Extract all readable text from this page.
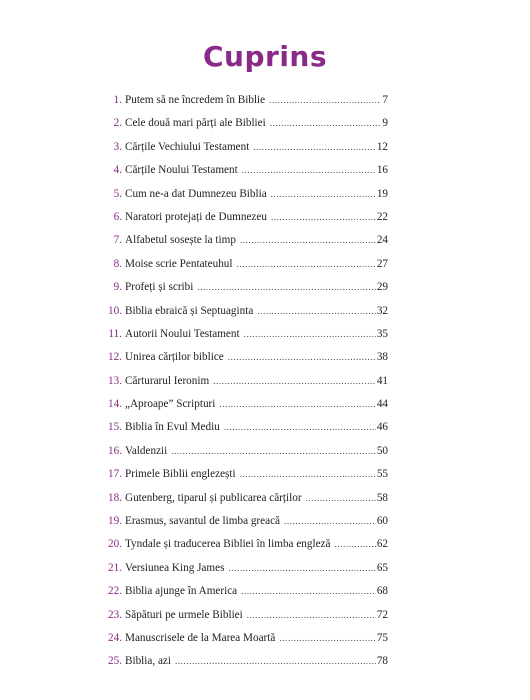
Cuprins
1. Putem să ne încredem în Biblie .....	7
2. Cele două mari părți ale Bibliei .....	9
3. Cărțile Vechiului Testament .....	12
4. Cărțile Noului Testament .....	16
5. Cum ne-a dat Dumnezeu Biblia .....	19
6. Naratori protejați de Dumnezeu .....	22
7. Alfabetul sosește la timp .....	24
8. Moise scrie Pentateuhul .....	27
9. Profeți și scribi .....	29
10. Biblia ebraică și Septuaginta .....	32
11. Autorii Noului Testament .....	35
12. Unirea cărților biblice .....	38
13. Cărturarul Ieronim .....	41
14. „Aproape” Scripturi .....	44
15. Biblia în Evul Mediu .....	46
16. Valdenzii .....	50
17. Primele Biblii englezești .....	55
18. Gutenberg, tiparul și publicarea cărților .....	58
19. Erasmus, savantul de limba greacă .....	60
20. Tyndale și traducerea Bibliei în limba engleză .....	62
21. Versiunea King James .....	65
22. Biblia ajunge în America .....	68
23. Săpături pe urmele Bibliei .....	72
24. Manuscrisele de la Marea Moartă .....	75
25. Biblia, azi .....	78
